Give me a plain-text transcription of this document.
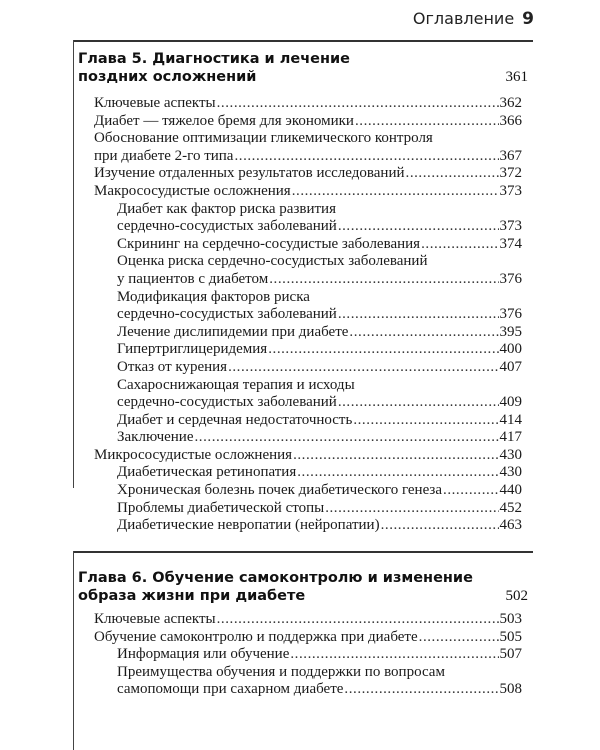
Оглавление 9
Глава 5. Диагностика и лечение
поздних осложнений	361
Ключевые аспекты . . .	362
Диабет — тяжелое бремя для экономики . . .	366
Обоснование оптимизации гликемического контроля
при диабете 2-го типа . . .	367
Изучение отдаленных результатов исследований . . .	372
Макрососудистые осложнения . . .	373
Диабет как фактор риска развития
сердечно-сосудистых заболеваний . . .	373
Скрининг на сердечно-сосудистые заболевания . . .	374
Оценка риска сердечно-сосудистых заболеваний
у пациентов с диабетом . . .	376
Модификация факторов риска
сердечно-сосудистых заболеваний . . .	376
Лечение дислипидемии при диабете . . .	395
Гипертриглицеридемия . . .	400
Отказ от курения . . .	407
Сахароснижающая терапия и исходы
сердечно-сосудистых заболеваний . . .	409
Диабет и сердечная недостаточность . . .	414
Заключение . . .	417
Микрососудистые осложнения . . .	430
Диабетическая ретинопатия . . .	430
Хроническая болезнь почек диабетического генеза . . .	440
Проблемы диабетической стопы . . .	452
Диабетические невропатии (нейропатии) . . .	463
Глава 6. Обучение самоконтролю и изменение
образа жизни при диабете	502
Ключевые аспекты . . .	503
Обучение самоконтролю и поддержка при диабете . . .	505
Информация или обучение . . .	507
Преимущества обучения и поддержки по вопросам
самопомощи при сахарном диабете . . .	508
